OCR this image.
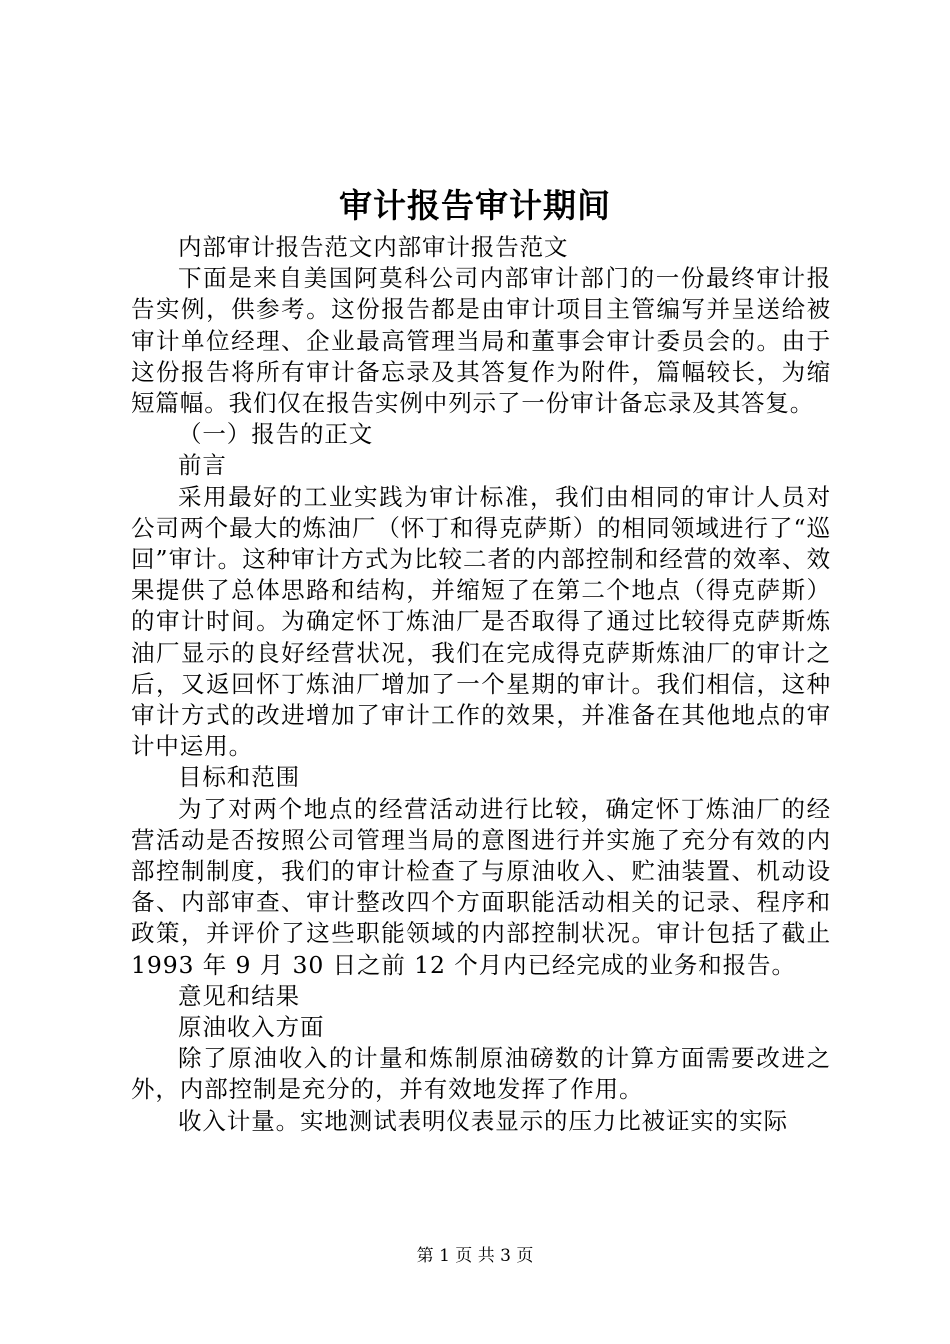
审计报告审计期间

内部审计报告范文内部审计报告范文

下面是来自美国阿莫科公司内部审计部门的一份最终审计报告实例，供参考。这份报告都是由审计项目主管编写并呈送给被审计单位经理、企业最高管理当局和董事会审计委员会的。由于这份报告将所有审计备忘录及其答复作为附件，篇幅较长，为缩短篇幅。我们仅在报告实例中列示了一份审计备忘录及其答复。

（一）报告的正文

前言

采用最好的工业实践为审计标准，我们由相同的审计人员对公司两个最大的炼油厂（怀丁和得克萨斯）的相同领域进行了“巡回”审计。这种审计方式为比较二者的内部控制和经营的效率、效果提供了总体思路和结构，并缩短了在第二个地点（得克萨斯）的审计时间。为确定怀丁炼油厂是否取得了通过比较得克萨斯炼油厂显示的良好经营状况，我们在完成得克萨斯炼油厂的审计之后，又返回怀丁炼油厂增加了一个星期的审计。我们相信，这种审计方式的改进增加了审计工作的效果，并准备在其他地点的审计中运用。

目标和范围

为了对两个地点的经营活动进行比较，确定怀丁炼油厂的经营活动是否按照公司管理当局的意图进行并实施了充分有效的内部控制制度，我们的审计检查了与原油收入、贮油装置、机动设备、内部审查、审计整改四个方面职能活动相关的记录、程序和政策，并评价了这些职能领域的内部控制状况。审计包括了截止 1993 年 9 月 30 日之前 12 个月内已经完成的业务和报告。

意见和结果

原油收入方面

除了原油收入的计量和炼制原油磅数的计算方面需要改进之外，内部控制是充分的，并有效地发挥了作用。

收入计量。实地测试表明仪表显示的压力比被证实的实际

第 1 页 共 3 页
